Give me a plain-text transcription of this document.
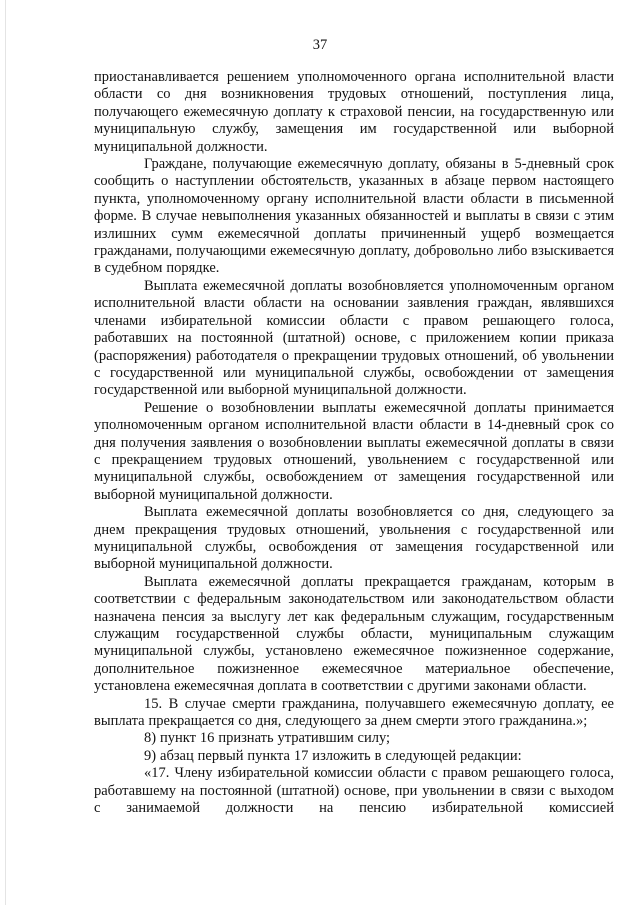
37

приостанавливается решением уполномоченного органа исполнительной власти области со дня возникновения трудовых отношений, поступления лица, получающего ежемесячную доплату к страховой пенсии, на государственную или муниципальную службу, замещения им государственной или выборной муниципальной должности.

Граждане, получающие ежемесячную доплату, обязаны в 5-дневный срок сообщить о наступлении обстоятельств, указанных в абзаце первом настоящего пункта, уполномоченному органу исполнительной власти области в письменной форме. В случае невыполнения указанных обязанностей и выплаты в связи с этим излишних сумм ежемесячной доплаты причиненный ущерб возмещается гражданами, получающими ежемесячную доплату, добровольно либо взыскивается в судебном порядке.

Выплата ежемесячной доплаты возобновляется уполномоченным органом исполнительной власти области на основании заявления граждан, являвшихся членами избирательной комиссии области с правом решающего голоса, работавших на постоянной (штатной) основе, с приложением копии приказа (распоряжения) работодателя о прекращении трудовых отношений, об увольнении с государственной или муниципальной службы, освобождении от замещения государственной или выборной муниципальной должности.

Решение о возобновлении выплаты ежемесячной доплаты принимается уполномоченным органом исполнительной власти области в 14-дневный срок со дня получения заявления о возобновлении выплаты ежемесячной доплаты в связи с прекращением трудовых отношений, увольнением с государственной или муниципальной службы, освобождением от замещения государственной или выборной муниципальной должности.

Выплата ежемесячной доплаты возобновляется со дня, следующего за днем прекращения трудовых отношений, увольнения с государственной или муниципальной службы, освобождения от замещения государственной или выборной муниципальной должности.

Выплата ежемесячной доплаты прекращается гражданам, которым в соответствии с федеральным законодательством или законодательством области назначена пенсия за выслугу лет как федеральным служащим, государственным служащим государственной службы области, муниципальным служащим муниципальной службы, установлено ежемесячное пожизненное содержание, дополнительное пожизненное ежемесячное материальное обеспечение, установлена ежемесячная доплата в соответствии с другими законами области.

15. В случае смерти гражданина, получавшего ежемесячную доплату, ее выплата прекращается со дня, следующего за днем смерти этого гражданина.»;

8) пункт 16 признать утратившим силу;

9) абзац первый пункта 17 изложить в следующей редакции:

«17. Члену избирательной комиссии области с правом решающего голоса, работавшему на постоянной (штатной) основе, при увольнении в связи с выходом с занимаемой должности на пенсию избирательной комиссией
